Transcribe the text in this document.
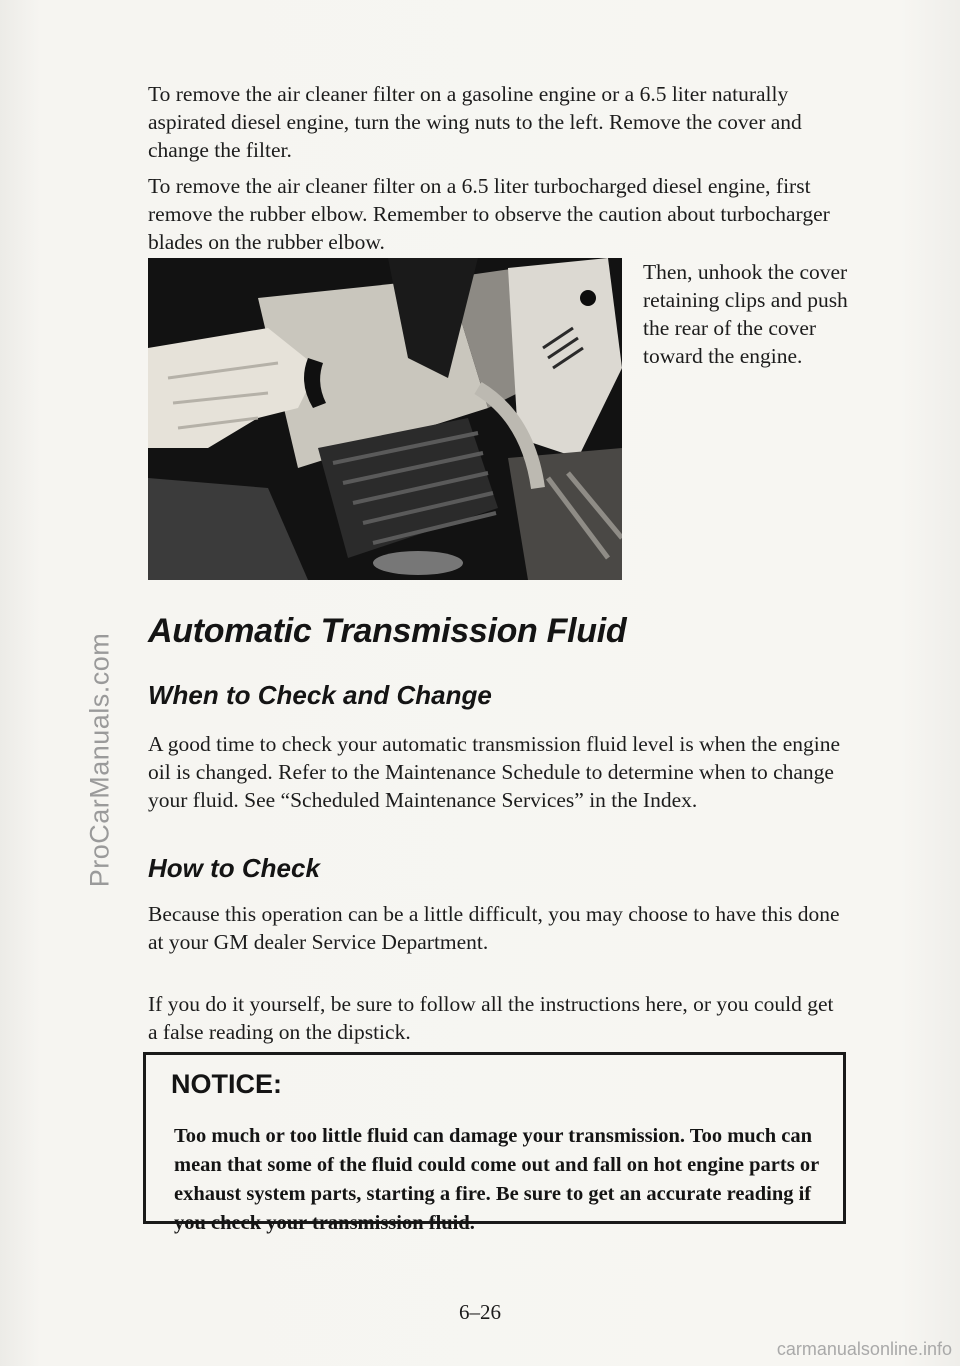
ProCarManuals.com

To remove the air cleaner filter on a gasoline engine or a 6.5 liter naturally aspirated diesel engine, turn the wing nuts to the left. Remove the cover and change the filter.

To remove the air cleaner filter on a 6.5 liter turbocharged diesel engine, first remove the rubber elbow. Remember to observe the caution about turbocharger blades on the rubber elbow.

Then, unhook the cover retaining clips and push the rear of the cover toward the engine.

Automatic Transmission Fluid
When to Check and Change

A good time to check your automatic transmission fluid level is when the engine oil is changed. Refer to the Maintenance Schedule to determine when to change your fluid. See “Scheduled Maintenance Services” in the Index.

How to Check

Because this operation can be a little difficult, you may choose to have this done at your GM dealer Service Department.

If you do it yourself, be sure to follow all the instructions here, or you could get a false reading on the dipstick.

NOTICE:

Too much or too little fluid can damage your transmission. Too much can mean that some of the fluid could come out and fall on hot engine parts or exhaust system parts, starting a fire. Be sure to get an accurate reading if you check your transmission fluid.

6–26

carmanualsonline.info
